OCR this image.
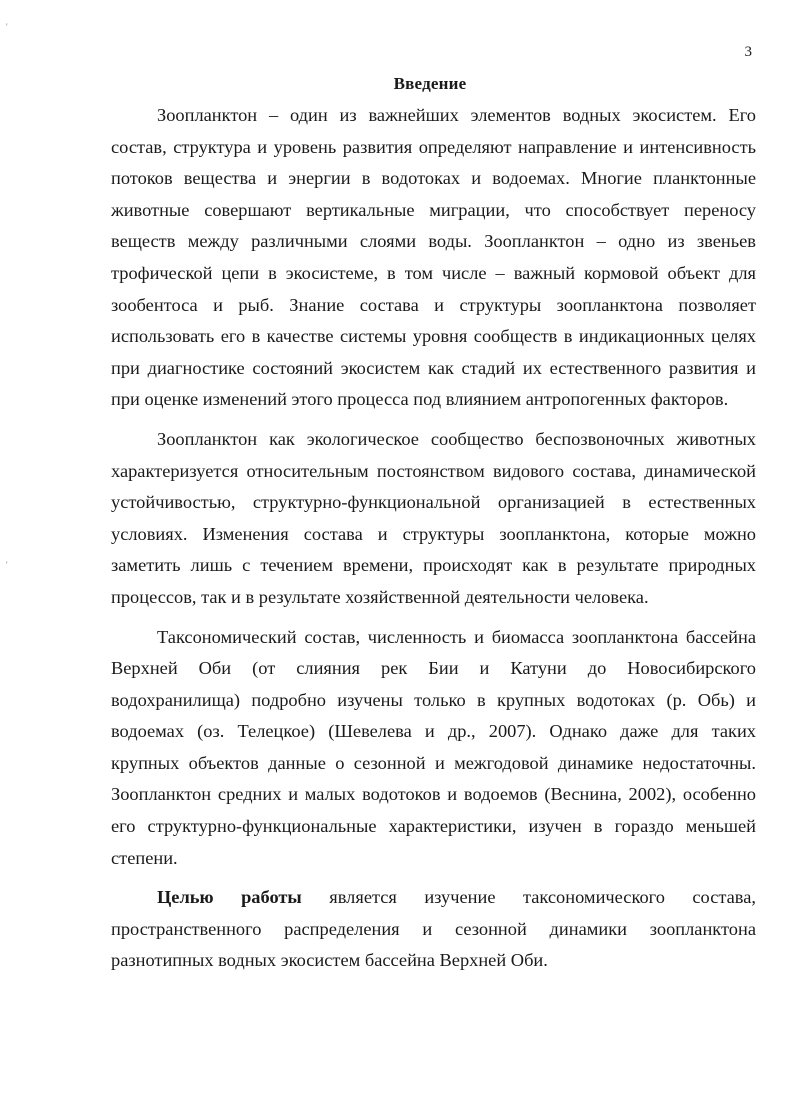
3
Введение
Зоопланктон – один из важнейших элементов водных экосистем. Его
состав, структура и уровень развития определяют направление и интенсивность
потоков вещества и энергии в водотоках и водоемах. Многие планктонные
животные совершают вертикальные миграции, что способствует переносу
веществ между различными слоями воды. Зоопланктон – одно из звеньев
трофической цепи в экосистеме, в том числе – важный кормовой объект для
зообентоса и рыб. Знание состава и структуры зоопланктона позволяет
использовать его в качестве системы уровня сообществ в индикационных целях
при диагностике состояний экосистем как стадий их естественного развития и
при оценке изменений этого процесса под влиянием антропогенных факторов.
Зоопланктон как экологическое сообщество беспозвоночных животных
характеризуется относительным постоянством видового состава, динамической
устойчивостью, структурно-функциональной организацией в естественных
условиях. Изменения состава и структуры зоопланктона, которые можно
заметить лишь с течением времени, происходят как в результате природных
процессов, так и в результате хозяйственной деятельности человека.
Таксономический состав, численность и биомасса зоопланктона бассейна
Верхней Оби (от слияния рек Бии и Катуни до Новосибирского
водохранилища) подробно изучены только в крупных водотоках (р. Обь) и
водоемах (оз. Телецкое) (Шевелева и др., 2007). Однако даже для таких
крупных объектов данные о сезонной и межгодовой динамике недостаточны.
Зоопланктон средних и малых водотоков и водоемов (Веснина, 2002), особенно
его структурно-функциональные характеристики, изучен в гораздо меньшей
степени.
Целью работы является изучение таксономического состава,
пространственного распределения и сезонной динамики зоопланктона
разнотипных водных экосистем бассейна Верхней Оби.
'
'
